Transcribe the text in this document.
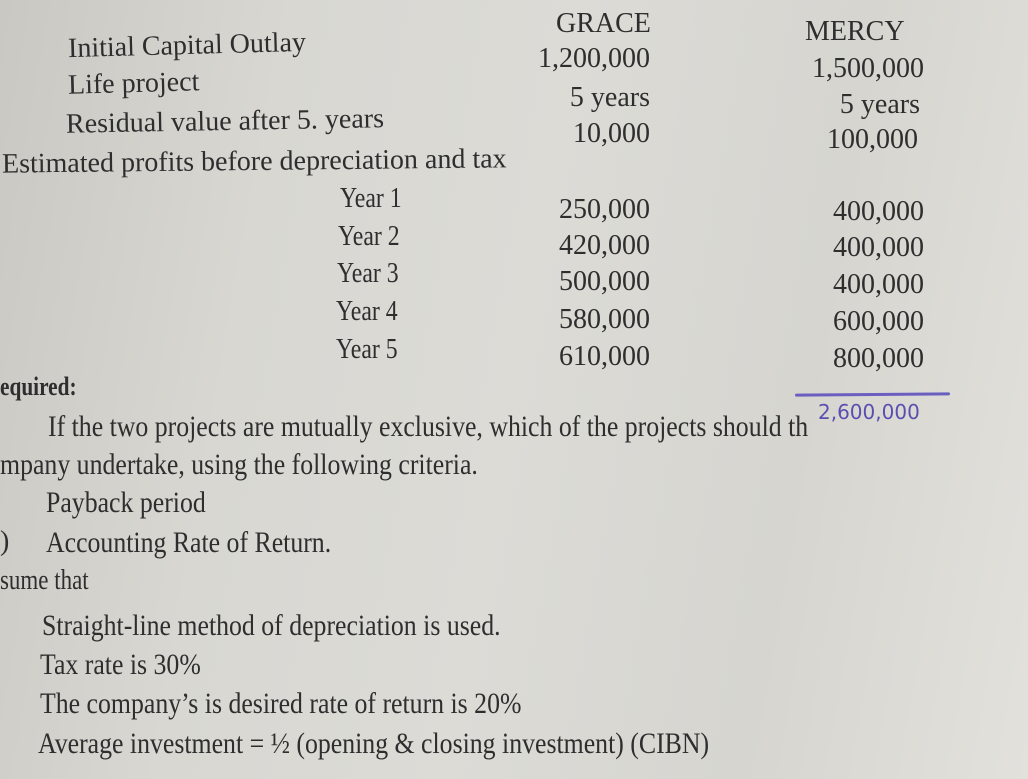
GRACE	MERCY
Initial Capital Outlay	1,200,000	1,500,000
Life project	5 years	5 years
Residual value after 5. years	10,000	100,000
Estimated profits before depreciation and tax
Year 1	250,000	400,000
Year 2	420,000	400,000
Year 3	500,000	400,000
Year 4	580,000	600,000
Year 5	610,000	800,000
2,600,000
equired:
If the two projects are mutually exclusive, which of the projects should th
mpany undertake, using the following criteria.
Payback period
) Accounting Rate of Return.
sume that
Straight-line method of depreciation is used.
Tax rate is 30%
The company’s is desired rate of return is 20%
Average investment = ½ (opening & closing investment) (CIBN)
